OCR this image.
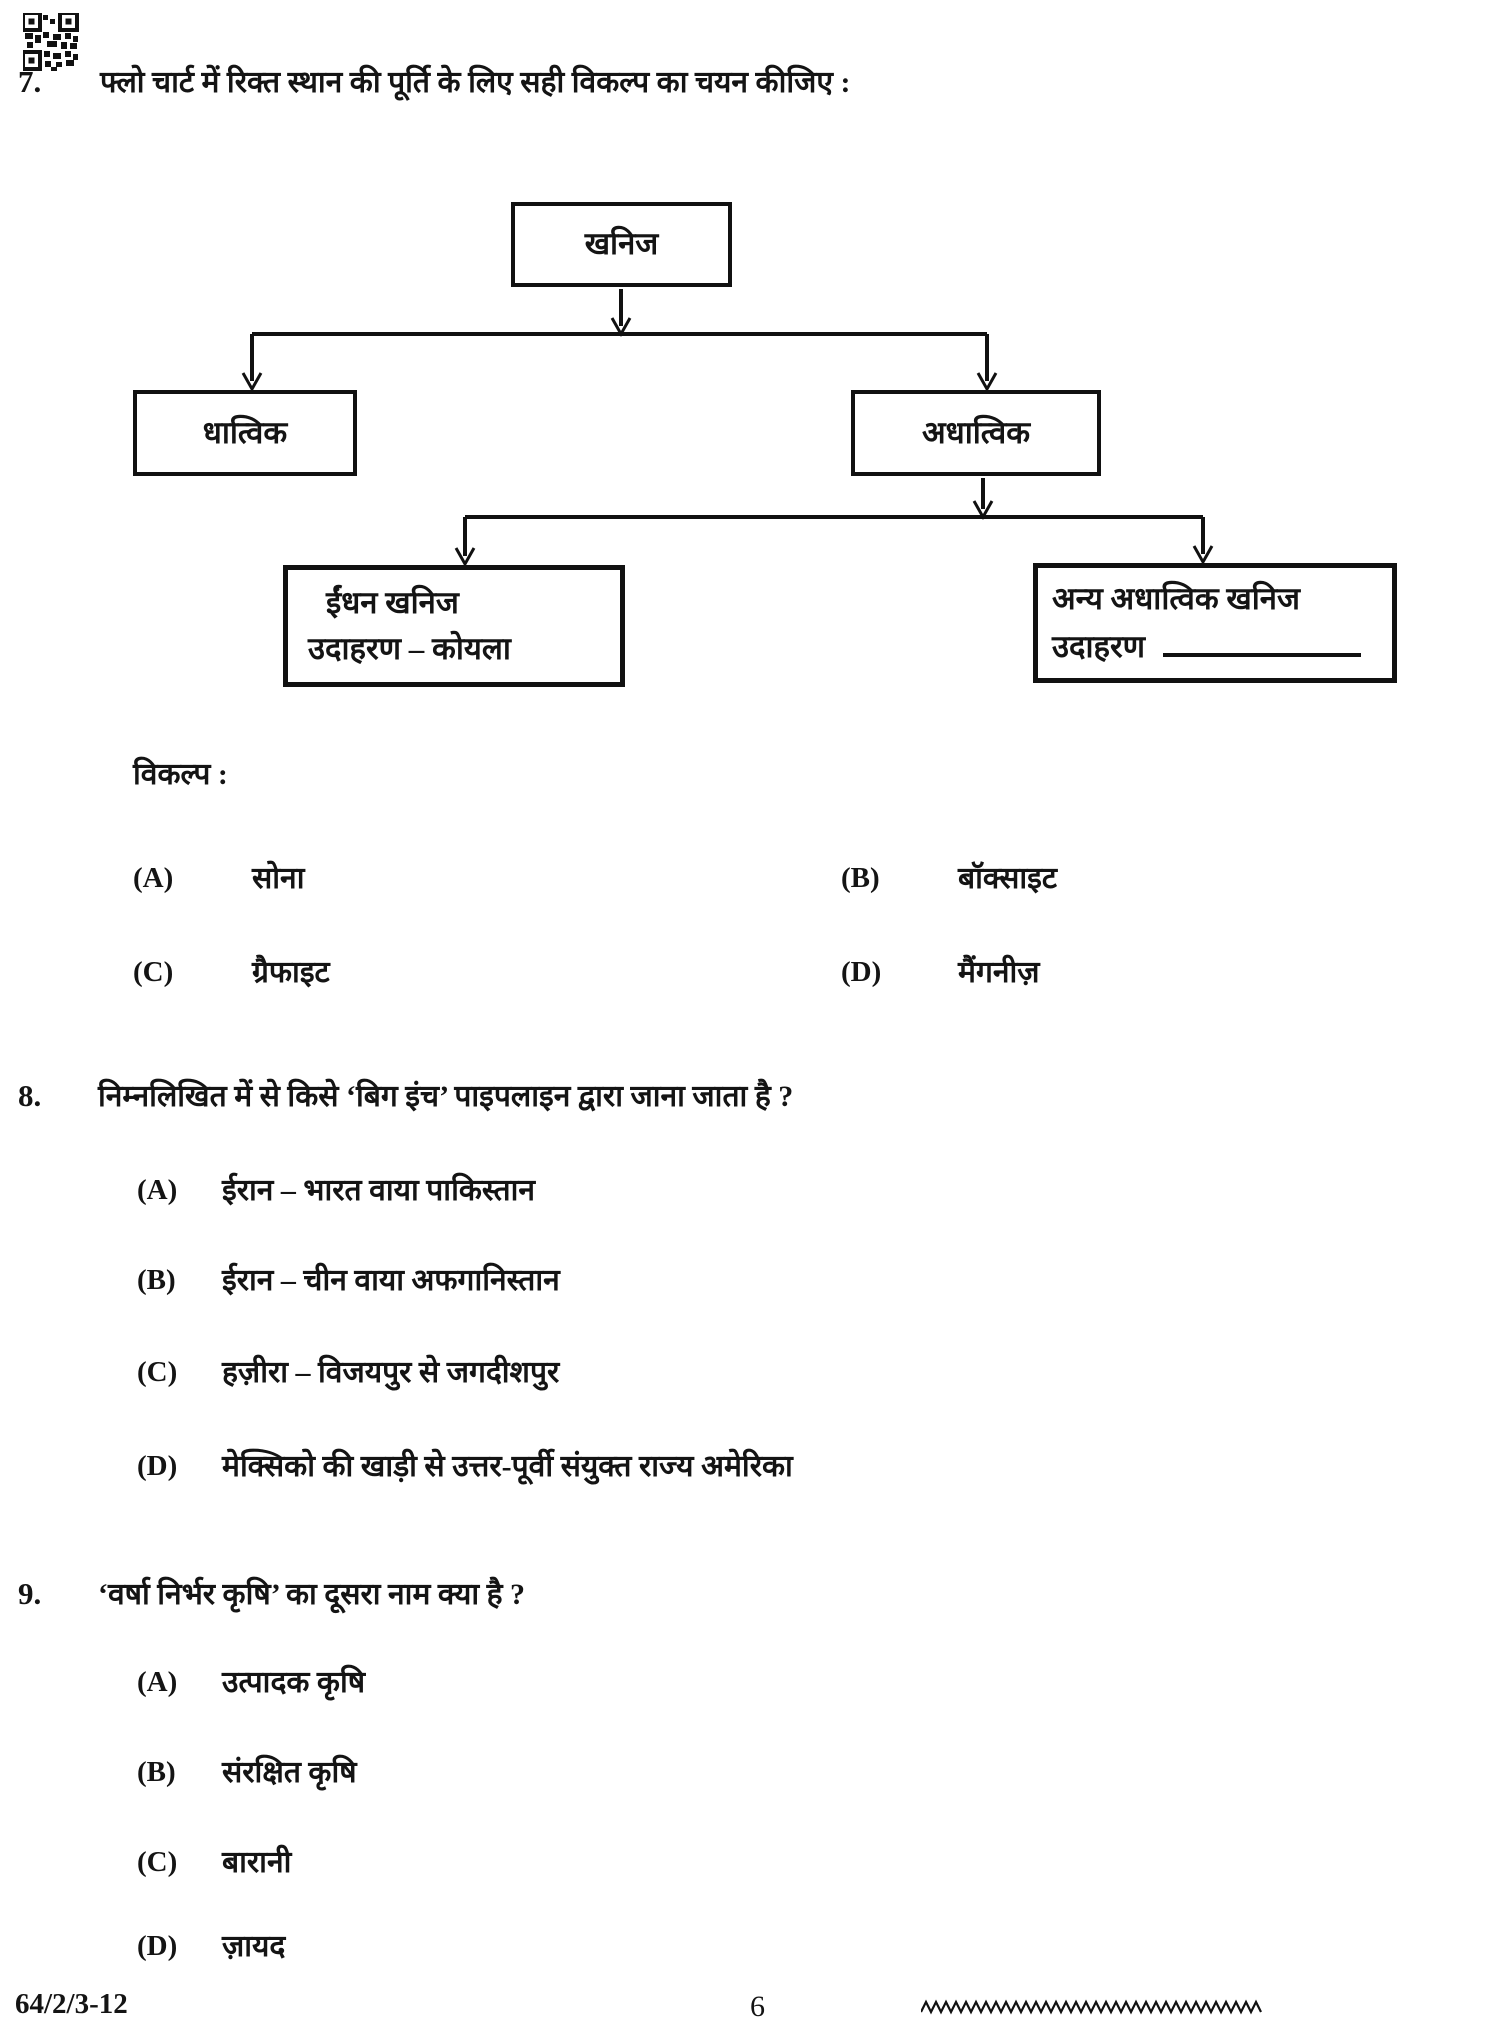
7. फ्लो चार्ट में रिक्त स्थान की पूर्ति के लिए सही विकल्प का चयन कीजिए :
खनिज
धात्विक	अधात्विक
ईंधन खनिज
उदाहरण – कोयला
अन्य अधात्विक खनिज
उदाहरण
विकल्प :
(A)	सोना	(B)	बॉक्साइट
(C)	ग्रैफाइट	(D)	मैंगनीज़
8. निम्नलिखित में से किसे ‘बिग इंच’ पाइपलाइन द्वारा जाना जाता है ?
(A) ईरान – भारत वाया पाकिस्तान
(B) ईरान – चीन वाया अफगानिस्तान
(C) हज़ीरा – विजयपुर से जगदीशपुर
(D) मेक्सिको की खाड़ी से उत्तर-पूर्वी संयुक्त राज्य अमेरिका
9. ‘वर्षा निर्भर कृषि’ का दूसरा नाम क्या है ?
(A) उत्पादक कृषि
(B) संरक्षित कृषि
(C) बारानी
(D) ज़ायद
64/2/3-12	6
